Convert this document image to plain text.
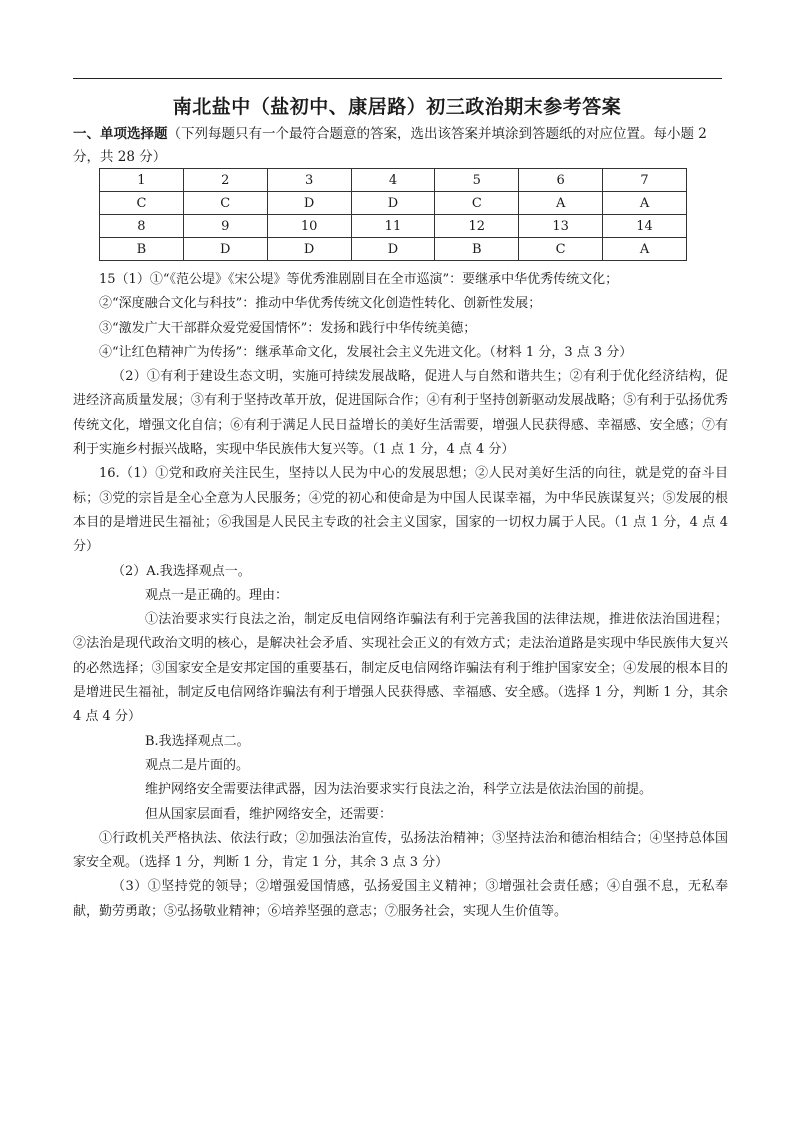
南北盐中（盐初中、康居路）初三政治期末参考答案
一、单项选择题（下列每题只有一个最符合题意的答案，选出该答案并填涂到答题纸的对应位置。每小题 2 分，共 28 分）
1	2	3	4	5	6	7
C	C	D	D	C	A	A
8	9	10	11	12	13	14
B	D	D	D	B	C	A

15（1）①“《范公堤》《宋公堤》等优秀淮剧剧目在全市巡演”：要继承中华优秀传统文化；

②“深度融合文化与科技”：推动中华优秀传统文化创造性转化、创新性发展；

③“激发广大干部群众爱党爱国情怀”：发扬和践行中华传统美德；

④“让红色精神广为传扬”：继承革命文化，发展社会主义先进文化。（材料 1 分，3 点 3 分）

（2）①有利于建设生态文明，实施可持续发展战略，促进人与自然和谐共生；②有利于优化经济结构，促进经济高质量发展；③有利于坚持改革开放，促进国际合作；④有利于坚持创新驱动发展战略；⑤有利于弘扬优秀传统文化，增强文化自信；⑥有利于满足人民日益增长的美好生活需要，增强人民获得感、幸福感、安全感；⑦有利于实施乡村振兴战略，实现中华民族伟大复兴等。（1 点 1 分，4 点 4 分）

16.（1）①党和政府关注民生，坚持以人民为中心的发展思想；②人民对美好生活的向往，就是党的奋斗目标；③党的宗旨是全心全意为人民服务；④党的初心和使命是为中国人民谋幸福，为中华民族谋复兴；⑤发展的根本目的是增进民生福祉；⑥我国是人民民主专政的社会主义国家，国家的一切权力属于人民。（1 点 1 分，4 点 4 分）

（2）A.我选择观点一。

观点一是正确的。理由：

①法治要求实行良法之治，制定反电信网络诈骗法有利于完善我国的法律法规，推进依法治国进程；②法治是现代政治文明的核心，是解决社会矛盾、实现社会正义的有效方式；走法治道路是实现中华民族伟大复兴的必然选择；③国家安全是安邦定国的重要基石，制定反电信网络诈骗法有利于维护国家安全；④发展的根本目的是增进民生福祉，制定反电信网络诈骗法有利于增强人民获得感、幸福感、安全感。（选择 1 分，判断 1 分，其余 4 点 4 分）

B.我选择观点二。

观点二是片面的。

维护网络安全需要法律武器，因为法治要求实行良法之治，科学立法是依法治国的前提。

但从国家层面看，维护网络安全，还需要：

①行政机关严格执法、依法行政；②加强法治宣传，弘扬法治精神；③坚持法治和德治相结合；④坚持总体国家安全观。（选择 1 分，判断 1 分，肯定 1 分，其余 3 点 3 分）

（3）①坚持党的领导；②增强爱国情感，弘扬爱国主义精神；③增强社会责任感；④自强不息，无私奉献，勤劳勇敢；⑤弘扬敬业精神；⑥培养坚强的意志；⑦服务社会，实现人生价值等。
